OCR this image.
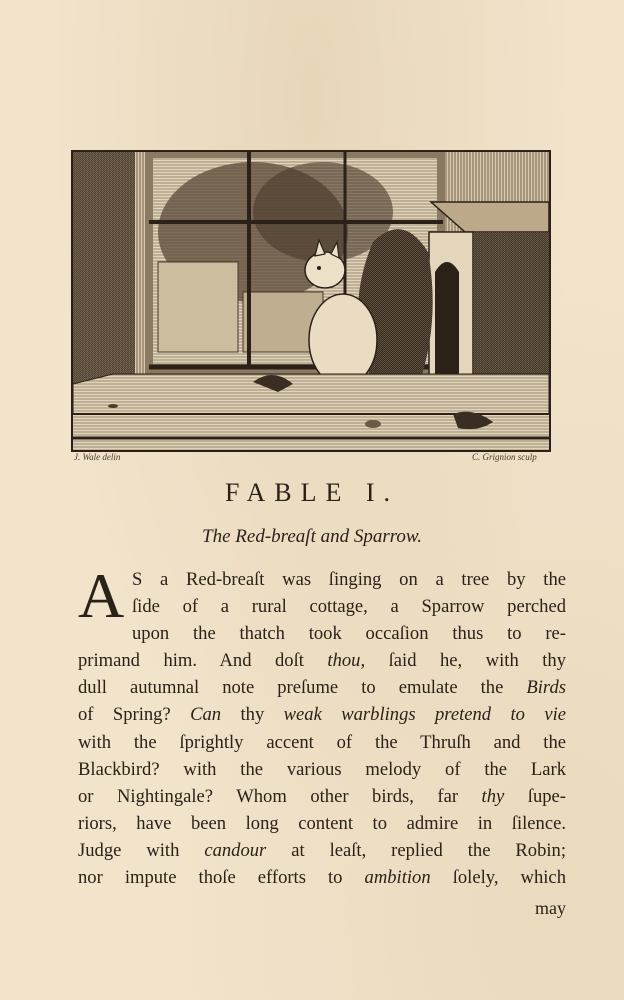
J. Wale delin	C. Grignion sculp
FABLE I.
The Red-breaſt and Sparrow.
A S a Red-breaſt was ſinging on a tree by the
ſide of a rural cottage, a Sparrow perched
upon the thatch took occaſion thus to re-
primand him. And doſt thou, ſaid he, with thy
dull autumnal note preſume to emulate the Birds
of Spring? Can thy weak warblings pretend to vie
with the ſprightly accent of the Thruſh and the
Blackbird? with the various melody of the Lark
or Nightingale? Whom other birds, far thy ſupe-
riors, have been long content to admire in ſilence.
Judge with candour at leaſt, replied the Robin;
nor impute thoſe efforts to ambition ſolely, which
may
